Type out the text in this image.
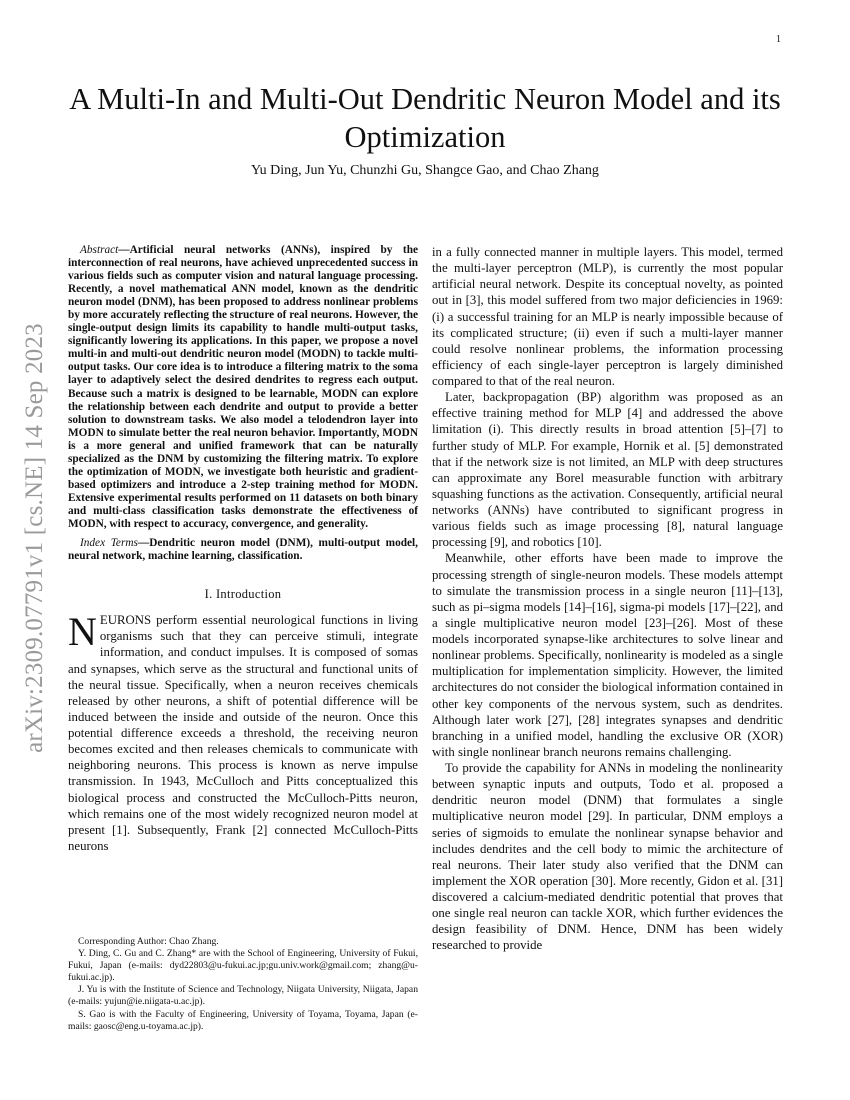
1
arXiv:2309.07791v1 [cs.NE] 14 Sep 2023
A Multi-In and Multi-Out Dendritic Neuron Model and its Optimization
Yu Ding, Jun Yu, Chunzhi Gu, Shangce Gao, and Chao Zhang

Abstract—Artificial neural networks (ANNs), inspired by the interconnection of real neurons, have achieved unprecedented success in various fields such as computer vision and natural language processing. Recently, a novel mathematical ANN model, known as the dendritic neuron model (DNM), has been proposed to address nonlinear problems by more accurately reflecting the structure of real neurons. However, the single-output design limits its capability to handle multi-output tasks, significantly lowering its applications. In this paper, we propose a novel multi-in and multi-out dendritic neuron model (MODN) to tackle multi-output tasks. Our core idea is to introduce a filtering matrix to the soma layer to adaptively select the desired dendrites to regress each output. Because such a matrix is designed to be learnable, MODN can explore the relationship between each dendrite and output to provide a better solution to downstream tasks. We also model a telodendron layer into MODN to simulate better the real neuron behavior. Importantly, MODN is a more general and unified framework that can be naturally specialized as the DNM by customizing the filtering matrix. To explore the optimization of MODN, we investigate both heuristic and gradient-based optimizers and introduce a 2-step training method for MODN. Extensive experimental results performed on 11 datasets on both binary and multi-class classification tasks demonstrate the effectiveness of MODN, with respect to accuracy, convergence, and generality.

Index Terms—Dendritic neuron model (DNM), multi-output model, neural network, machine learning, classification.

I. Introduction

NEURONS perform essential neurological functions in living organisms such that they can perceive stimuli, integrate information, and conduct impulses. It is composed of somas and synapses, which serve as the structural and functional units of the neural tissue. Specifically, when a neuron receives chemicals released by other neurons, a shift of potential difference will be induced between the inside and outside of the neuron. Once this potential difference exceeds a threshold, the receiving neuron becomes excited and then releases chemicals to communicate with neighboring neurons. This process is known as nerve impulse transmission. In 1943, McCulloch and Pitts conceptualized this biological process and constructed the McCulloch-Pitts neuron, which remains one of the most widely recognized neuron model at present [1]. Subsequently, Frank [2] connected McCulloch-Pitts neurons

Corresponding Author: Chao Zhang.

Y. Ding, C. Gu and C. Zhang* are with the School of Engineering, University of Fukui, Fukui, Japan (e-mails: dyd22803@u-fukui.ac.jp;gu.univ.work@gmail.com; zhang@u-fukui.ac.jp).

J. Yu is with the Institute of Science and Technology, Niigata University, Niigata, Japan (e-mails: yujun@ie.niigata-u.ac.jp).

S. Gao is with the Faculty of Engineering, University of Toyama, Toyama, Japan (e-mails: gaosc@eng.u-toyama.ac.jp).

in a fully connected manner in multiple layers. This model, termed the multi-layer perceptron (MLP), is currently the most popular artificial neural network. Despite its conceptual novelty, as pointed out in [3], this model suffered from two major deficiencies in 1969: (i) a successful training for an MLP is nearly impossible because of its complicated structure; (ii) even if such a multi-layer manner could resolve nonlinear problems, the information processing efficiency of each single-layer perceptron is largely diminished compared to that of the real neuron.

Later, backpropagation (BP) algorithm was proposed as an effective training method for MLP [4] and addressed the above limitation (i). This directly results in broad attention [5]–[7] to further study of MLP. For example, Hornik et al. [5] demonstrated that if the network size is not limited, an MLP with deep structures can approximate any Borel measurable function with arbitrary squashing functions as the activation. Consequently, artificial neural networks (ANNs) have contributed to significant progress in various fields such as image processing [8], natural language processing [9], and robotics [10].

Meanwhile, other efforts have been made to improve the processing strength of single-neuron models. These models attempt to simulate the transmission process in a single neuron [11]–[13], such as pi–sigma models [14]–[16], sigma-pi models [17]–[22], and a single multiplicative neuron model [23]–[26]. Most of these models incorporated synapse-like architectures to solve linear and nonlinear problems. Specifically, nonlinearity is modeled as a single multiplication for implementation simplicity. However, the limited architectures do not consider the biological information contained in other key components of the nervous system, such as dendrites. Although later work [27], [28] integrates synapses and dendritic branching in a unified model, handling the exclusive OR (XOR) with single nonlinear branch neurons remains challenging.

To provide the capability for ANNs in modeling the nonlinearity between synaptic inputs and outputs, Todo et al. proposed a dendritic neuron model (DNM) that formulates a single multiplicative neuron model [29]. In particular, DNM employs a series of sigmoids to emulate the nonlinear synapse behavior and includes dendrites and the cell body to mimic the architecture of real neurons. Their later study also verified that the DNM can implement the XOR operation [30]. More recently, Gidon et al. [31] discovered a calcium-mediated dendritic potential that proves that one single real neuron can tackle XOR, which further evidences the design feasibility of DNM. Hence, DNM has been widely researched to provide
